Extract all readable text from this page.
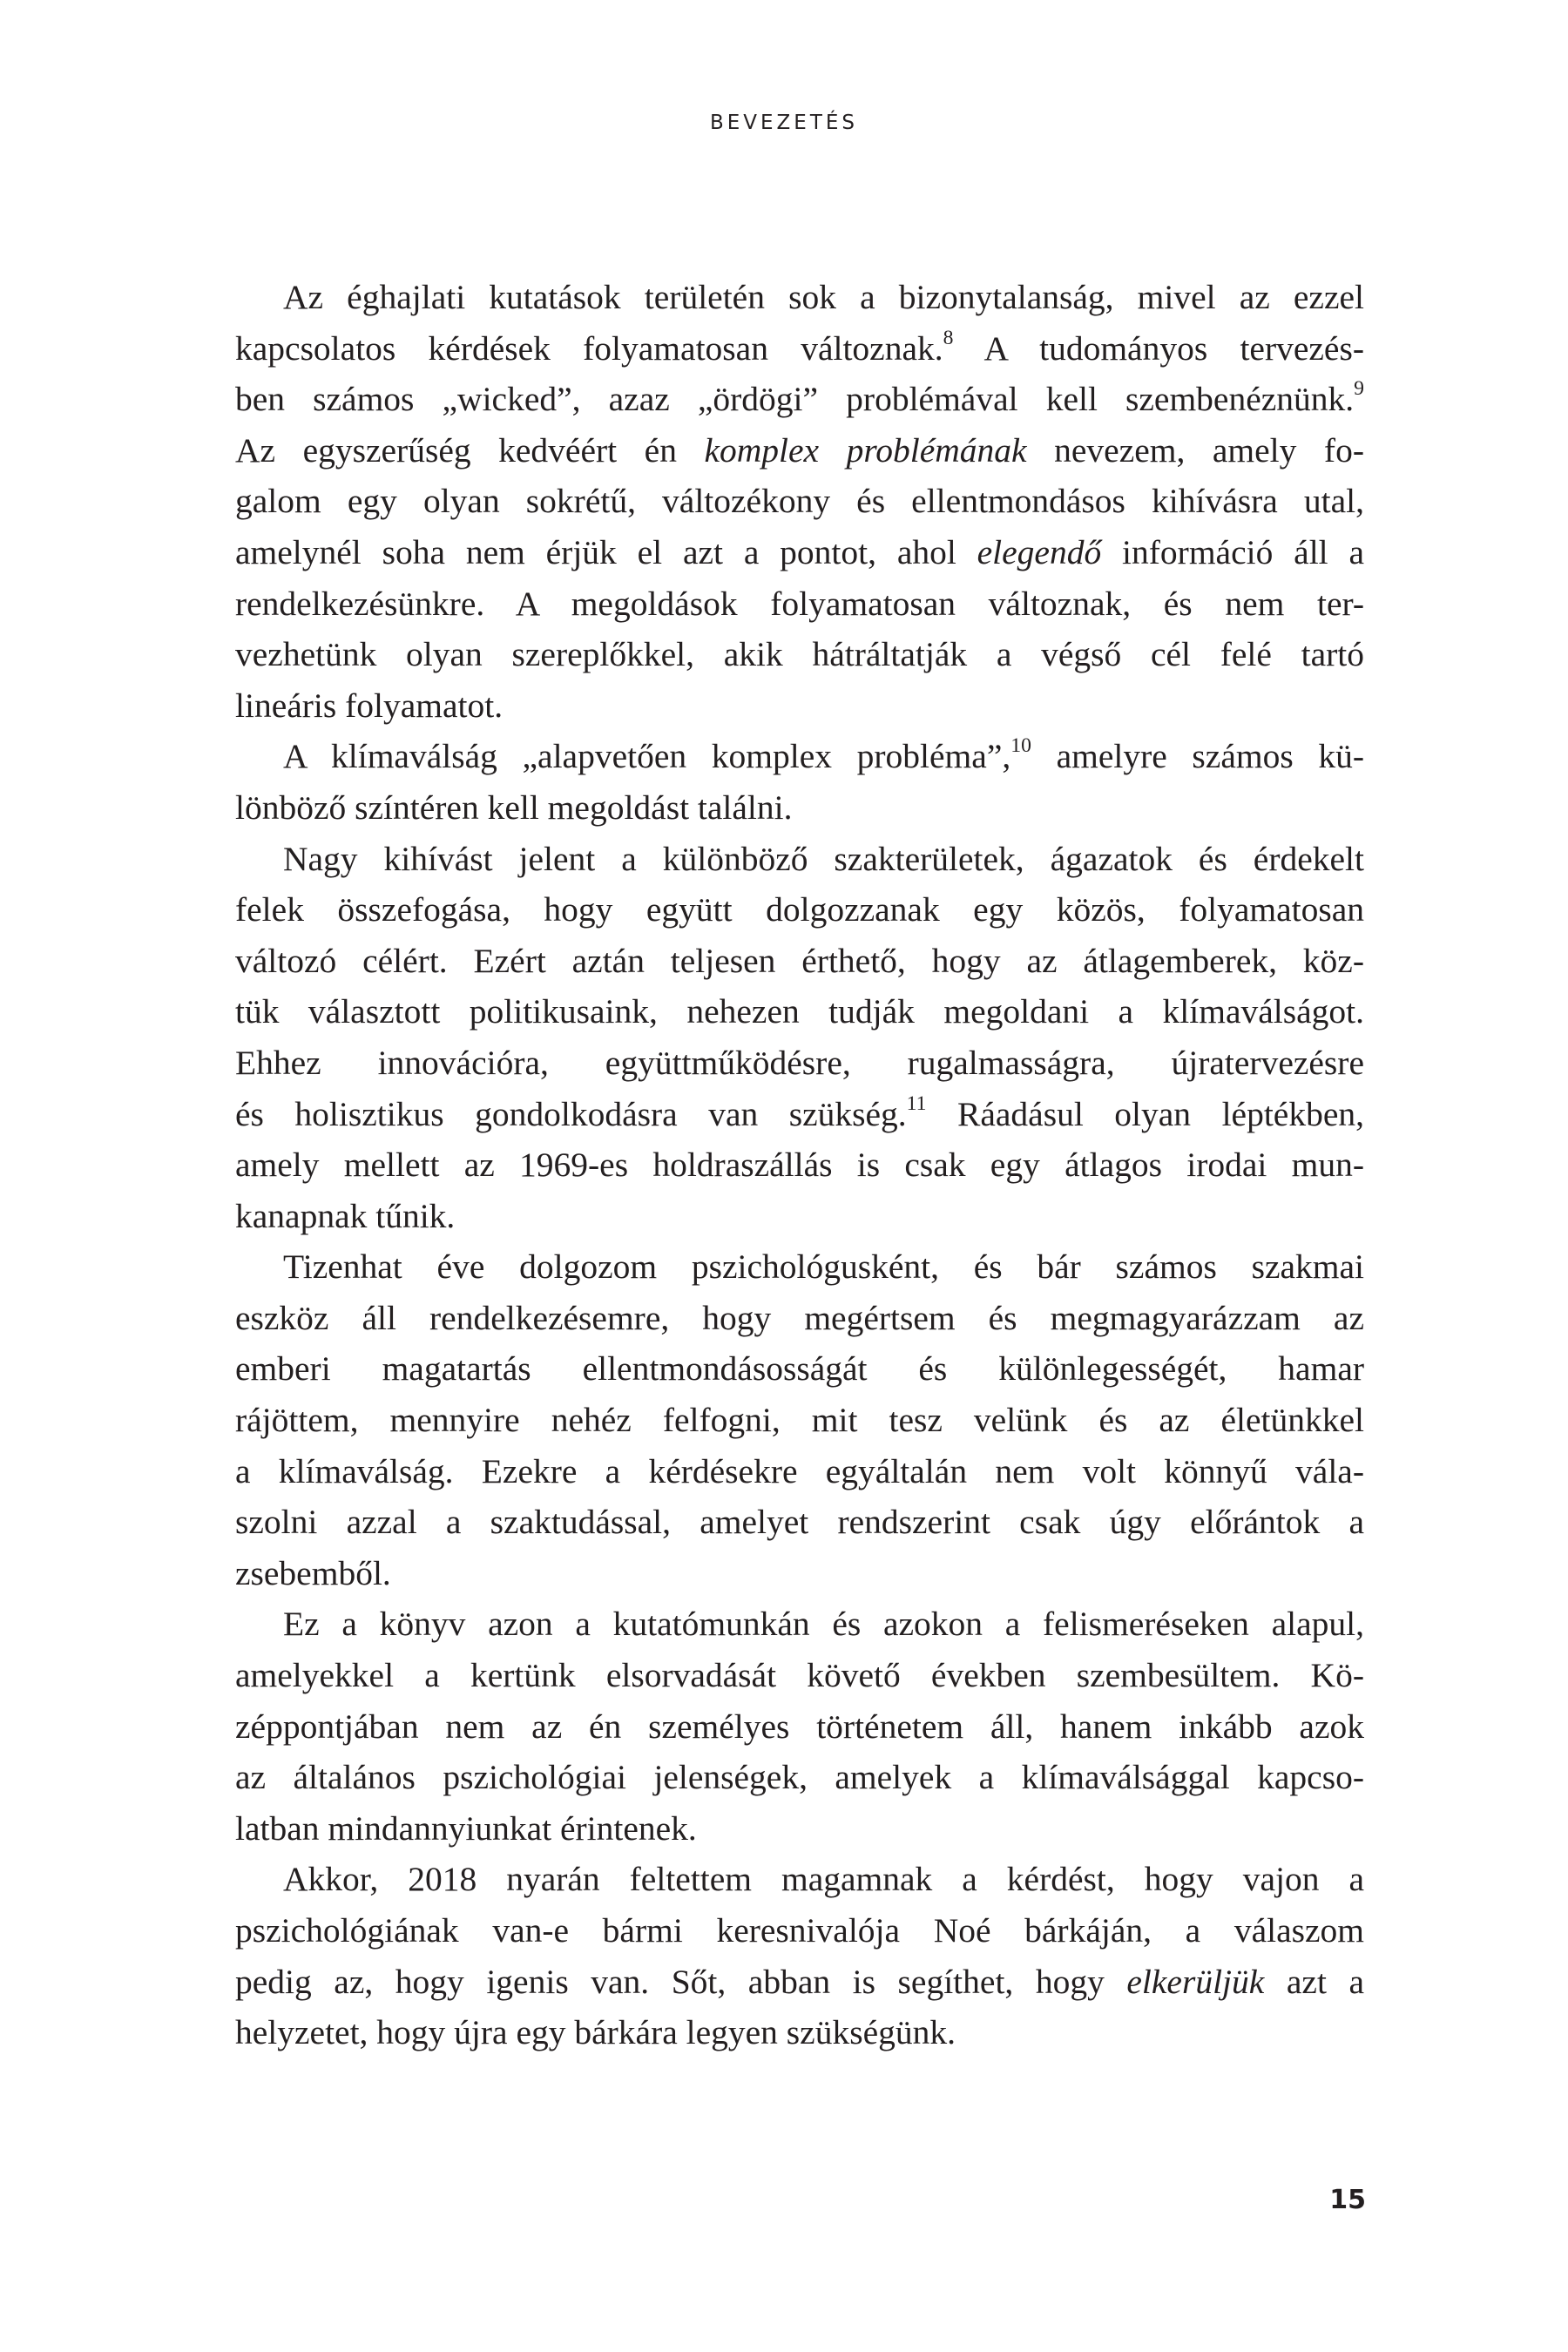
BEVEZETÉS
Az éghajlati kutatások területén sok a bizonytalanság, mivel az ezzel
kapcsolatos kérdések folyamatosan változnak.$^8$ A tudományos tervezés-
ben számos „wicked”, azaz „ördögi” problémával kell szembenéznünk.$^9$
Az egyszerűség kedvéért én komplex problémának nevezem, amely fo-
galom egy olyan sokrétű, változékony és ellentmondásos kihívásra utal,
amelynél soha nem érjük el azt a pontot, ahol elegendő információ áll a
rendelkezésünkre. A megoldások folyamatosan változnak, és nem ter-
vezhetünk olyan szereplőkkel, akik hátráltatják a végső cél felé tartó
lineáris folyamatot.
A klímaválság „alapvetően komplex probléma”,$^{10}$ amelyre számos kü-
lönböző színtéren kell megoldást találni.
Nagy kihívást jelent a különböző szakterületek, ágazatok és érdekelt
felek összefogása, hogy együtt dolgozzanak egy közös, folyamatosan
változó célért. Ezért aztán teljesen érthető, hogy az átlagemberek, köz-
tük választott politikusaink, nehezen tudják megoldani a klímaválságot.
Ehhez innovációra, együttműködésre, rugalmasságra, újratervezésre
és holisztikus gondolkodásra van szükség.$^{11}$ Ráadásul olyan léptékben,
amely mellett az 1969-es holdraszállás is csak egy átlagos irodai mun-
kanapnak tűnik.
Tizenhat éve dolgozom pszichológusként, és bár számos szakmai
eszköz áll rendelkezésemre, hogy megértsem és megmagyarázzam az
emberi magatartás ellentmondásosságát és különlegességét, hamar
rájöttem, mennyire nehéz felfogni, mit tesz velünk és az életünkkel
a klímaválság. Ezekre a kérdésekre egyáltalán nem volt könnyű vála-
szolni azzal a szaktudással, amelyet rendszerint csak úgy előrántok a
zsebemből.
Ez a könyv azon a kutatómunkán és azokon a felismeréseken alapul,
amelyekkel a kertünk elsorvadását követő években szembesültem. Kö-
zéppontjában nem az én személyes történetem áll, hanem inkább azok
az általános pszichológiai jelenségek, amelyek a klímaválsággal kapcso-
latban mindannyiunkat érintenek.
Akkor, 2018 nyarán feltettem magamnak a kérdést, hogy vajon a
pszichológiának van-e bármi keresnivalója Noé bárkáján, a válaszom
pedig az, hogy igenis van. Sőt, abban is segíthet, hogy elkerüljük azt a
helyzetet, hogy újra egy bárkára legyen szükségünk.
15
